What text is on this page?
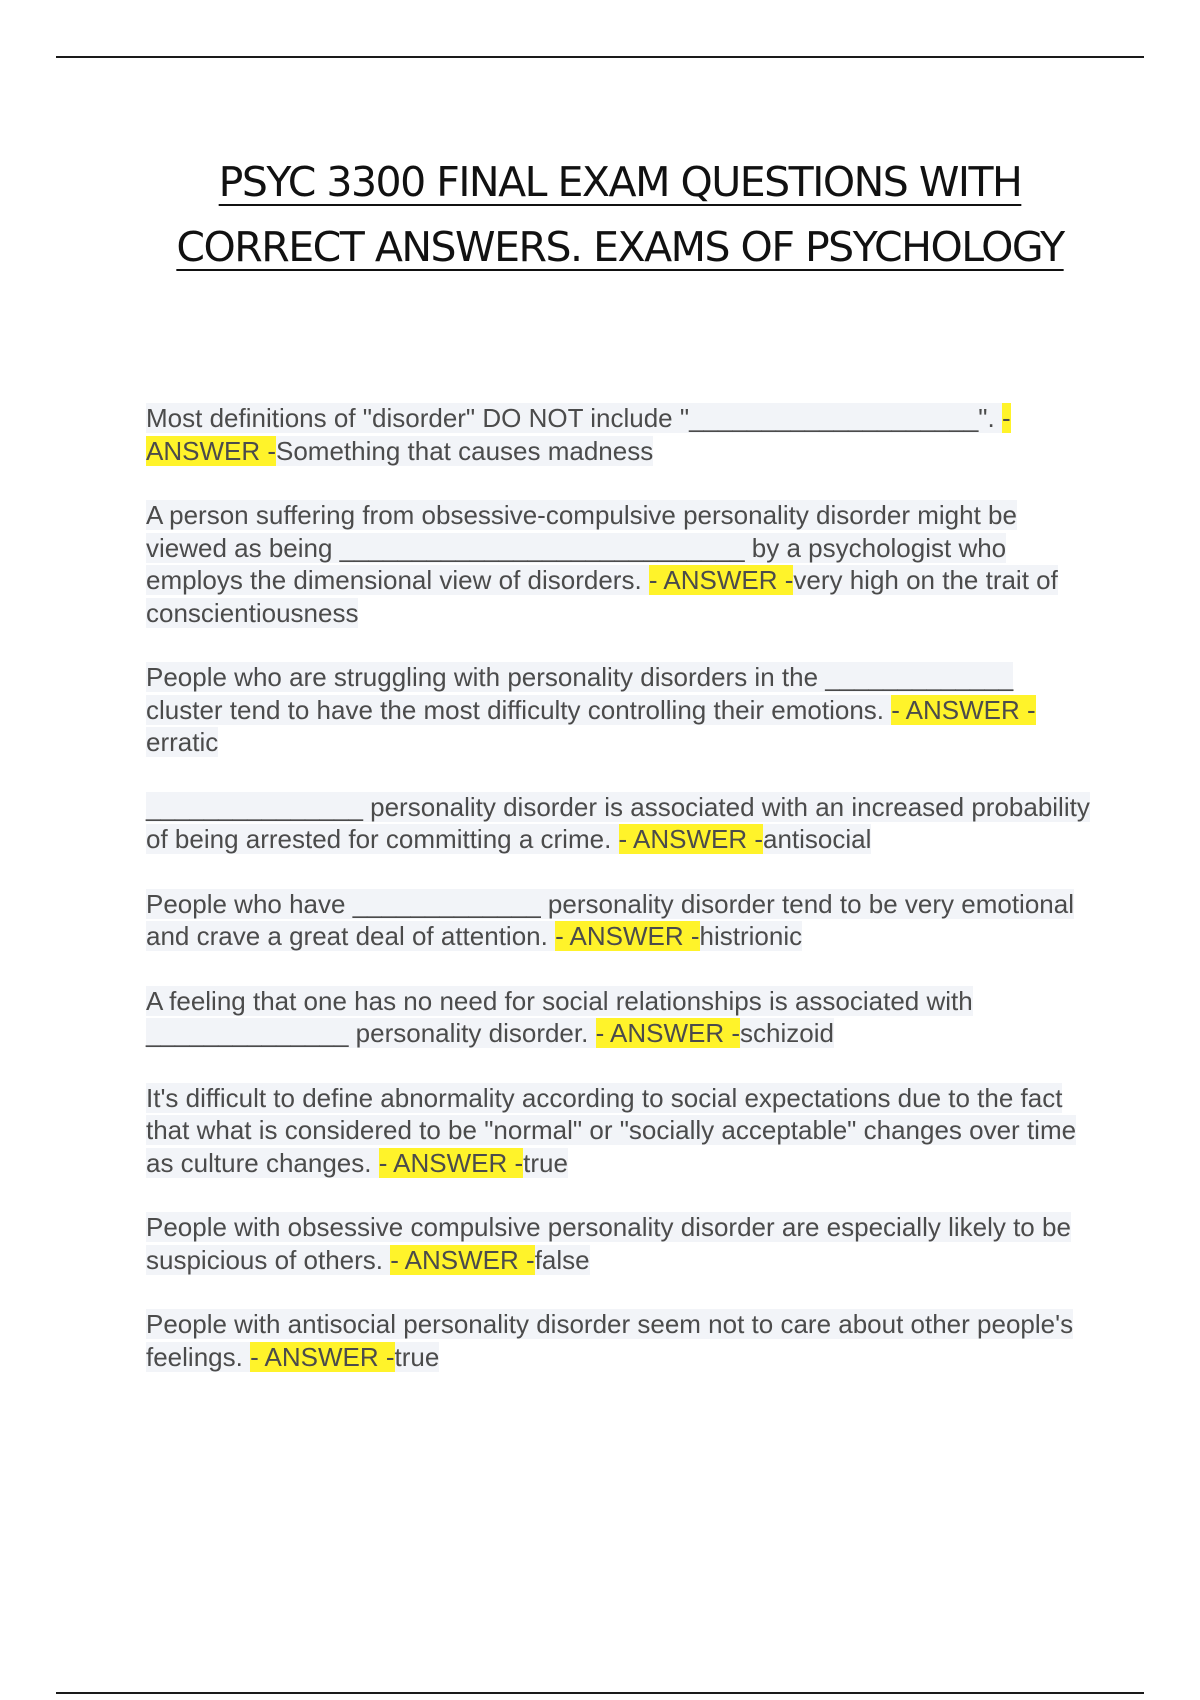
PSYC 3300 FINAL EXAM QUESTIONS WITH CORRECT ANSWERS. EXAMS OF PSYCHOLOGY

Most definitions of "disorder" DO NOT include "____________________". - ANSWER -Something that causes madness

A person suffering from obsessive-compulsive personality disorder might be viewed as being ____________________________ by a psychologist who employs the dimensional view of disorders. - ANSWER -very high on the trait of conscientiousness

People who are struggling with personality disorders in the _____________ cluster tend to have the most difficulty controlling their emotions. - ANSWER -erratic

_______________ personality disorder is associated with an increased probability of being arrested for committing a crime. - ANSWER -antisocial

People who have _____________ personality disorder tend to be very emotional and crave a great deal of attention. - ANSWER -histrionic

A feeling that one has no need for social relationships is associated with ______________ personality disorder. - ANSWER -schizoid

It's difficult to define abnormality according to social expectations due to the fact that what is considered to be "normal" or "socially acceptable" changes over time as culture changes. - ANSWER -true

People with obsessive compulsive personality disorder are especially likely to be suspicious of others. - ANSWER -false

People with antisocial personality disorder seem not to care about other people's feelings. - ANSWER -true
